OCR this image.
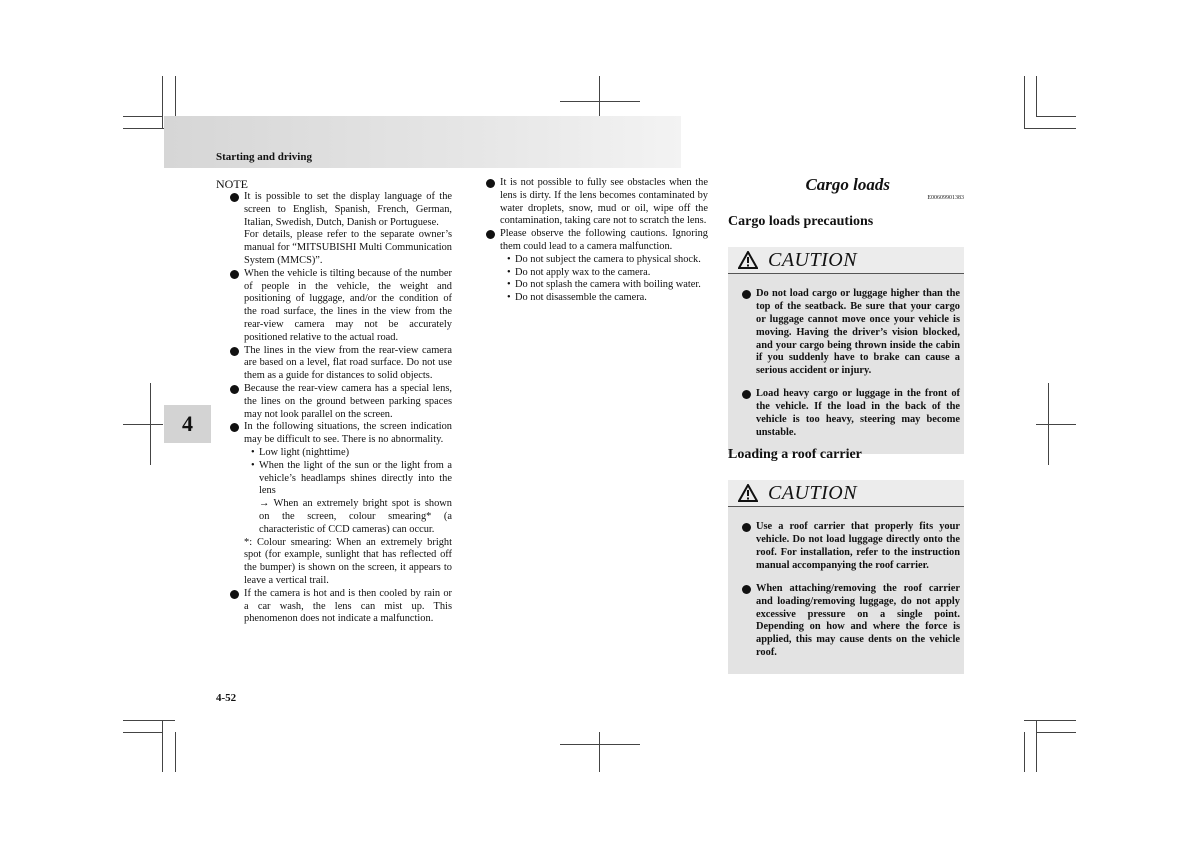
Starting and driving
4
4-52

NOTE

It is possible to set the display language of the screen to English, Spanish, French, German, Italian, Swedish, Dutch, Danish or Portuguese.

For details, please refer to the separate owner’s manual for “MITSUBISHI Multi Communication System (MMCS)”.

When the vehicle is tilting because of the number of people in the vehicle, the weight and positioning of luggage, and/or the condition of the road surface, the lines in the view from the rear-view camera may not be accurately positioned relative to the actual road.

The lines in the view from the rear-view camera are based on a level, flat road surface. Do not use them as a guide for distances to solid objects.

Because the rear-view camera has a special lens, the lines on the ground between parking spaces may not look parallel on the screen.

In the following situations, the screen indication may be difficult to see. There is no abnormality.

• Low light (nighttime)
• When the light of the sun or the light from a vehicle’s headlamps shines directly into the lens

→ When an extremely bright spot is shown on the screen, colour smearing* (a characteristic of CCD cameras) can occur.

*: Colour smearing: When an extremely bright spot (for example, sunlight that has reflected off the bumper) is shown on the screen, it appears to leave a vertical trail.

If the camera is hot and is then cooled by rain or a car wash, the lens can mist up. This phenomenon does not indicate a malfunction.

It is not possible to fully see obstacles when the lens is dirty. If the lens becomes contaminated by water droplets, snow, mud or oil, wipe off the contamination, taking care not to scratch the lens.

Please observe the following cautions. Ignoring them could lead to a camera malfunction.

• Do not subject the camera to physical shock.
• Do not apply wax to the camera.
• Do not splash the camera with boiling water.
• Do not disassemble the camera.
Cargo loads
E00609901383
Cargo loads precautions
CAUTION

Do not load cargo or luggage higher than the top of the seatback. Be sure that your cargo or luggage cannot move once your vehicle is moving. Having the driver’s vision blocked, and your cargo being thrown inside the cabin if you suddenly have to brake can cause a serious accident or injury.

Load heavy cargo or luggage in the front of the vehicle. If the load in the back of the vehicle is too heavy, steering may become unstable.

Loading a roof carrier
CAUTION

Use a roof carrier that properly fits your vehicle. Do not load luggage directly onto the roof. For installation, refer to the instruction manual accompanying the roof carrier.

When attaching/removing the roof carrier and loading/removing luggage, do not apply excessive pressure on a single point. Depending on how and where the force is applied, this may cause dents on the vehicle roof.
